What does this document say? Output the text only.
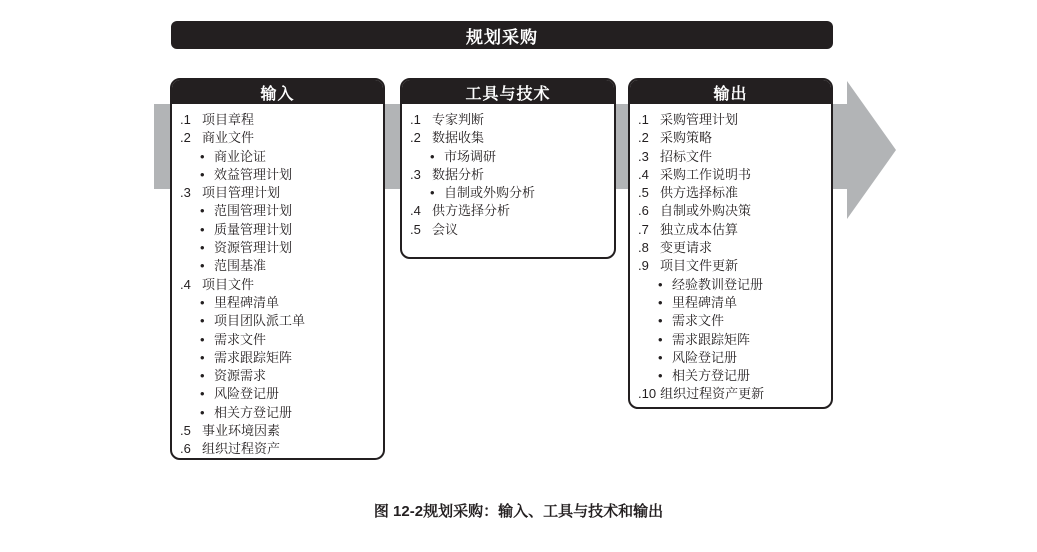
规划采购
输入
.1 项目章程
.2 商业文件
• 商业论证
• 效益管理计划
.3 项目管理计划
• 范围管理计划
• 质量管理计划
• 资源管理计划
• 范围基准
.4 项目文件
• 里程碑清单
• 项目团队派工单
• 需求文件
• 需求跟踪矩阵
• 资源需求
• 风险登记册
• 相关方登记册
.5 事业环境因素
.6 组织过程资产
工具与技术
.1 专家判断
.2 数据收集
• 市场调研
.3 数据分析
• 自制或外购分析
.4 供方选择分析
.5 会议
输出
.1 采购管理计划
.2 采购策略
.3 招标文件
.4 采购工作说明书
.5 供方选择标准
.6 自制或外购决策
.7 独立成本估算
.8 变更请求
.9 项目文件更新
• 经验教训登记册
• 里程碑清单
• 需求文件
• 需求跟踪矩阵
• 风险登记册
• 相关方登记册
.10 组织过程资产更新
图 12-2规划采购：输入、工具与技术和输出
